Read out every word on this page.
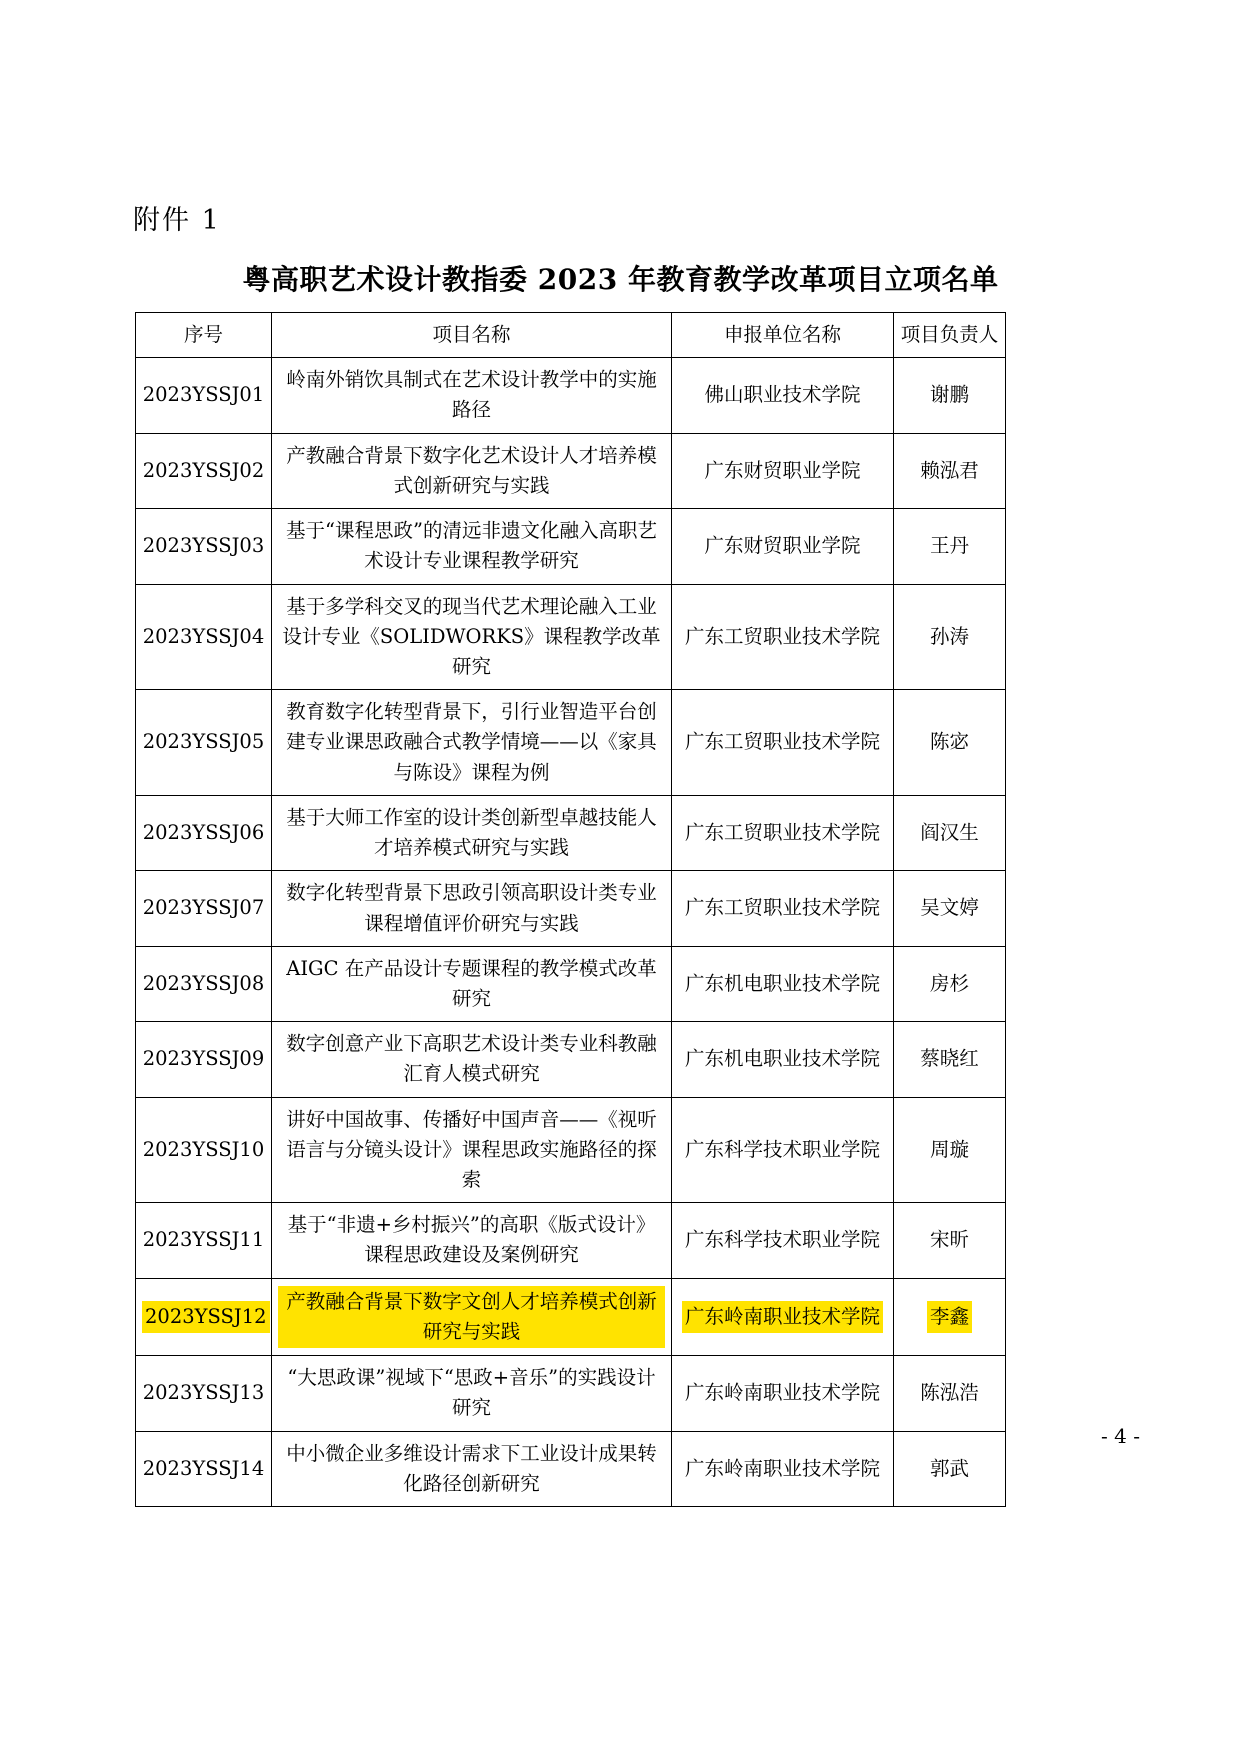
附件 1
粤高职艺术设计教指委 2023 年教育教学改革项目立项名单
序号	项目名称	申报单位名称	项目负责人
2023YSSJ01	岭南外销饮具制式在艺术设计教学中的实施路径	佛山职业技术学院	谢鹏
2023YSSJ02	产教融合背景下数字化艺术设计人才培养模式创新研究与实践	广东财贸职业学院	赖泓君
2023YSSJ03	基于“课程思政”的清远非遗文化融入高职艺术设计专业课程教学研究	广东财贸职业学院	王丹
2023YSSJ04	基于多学科交叉的现当代艺术理论融入工业设计专业《SOLIDWORKS》课程教学改革研究	广东工贸职业技术学院	孙涛
2023YSSJ05	教育数字化转型背景下，引行业智造平台创建专业课思政融合式教学情境——以《家具与陈设》课程为例	广东工贸职业技术学院	陈宓
2023YSSJ06	基于大师工作室的设计类创新型卓越技能人才培养模式研究与实践	广东工贸职业技术学院	阎汉生
2023YSSJ07	数字化转型背景下思政引领高职设计类专业课程增值评价研究与实践	广东工贸职业技术学院	吴文婷
2023YSSJ08	AIGC 在产品设计专题课程的教学模式改革研究	广东机电职业技术学院	房杉
2023YSSJ09	数字创意产业下高职艺术设计类专业科教融汇育人模式研究	广东机电职业技术学院	蔡晓红
2023YSSJ10	讲好中国故事、传播好中国声音——《视听语言与分镜头设计》课程思政实施路径的探索	广东科学技术职业学院	周璇
2023YSSJ11	基于“非遗+乡村振兴”的高职《版式设计》课程思政建设及案例研究	广东科学技术职业学院	宋昕
2023YSSJ12	产教融合背景下数字文创人才培养模式创新研究与实践	广东岭南职业技术学院	李鑫
2023YSSJ13	“大思政课”视域下“思政+音乐”的实践设计研究	广东岭南职业技术学院	陈泓浩
2023YSSJ14	中小微企业多维设计需求下工业设计成果转化路径创新研究	广东岭南职业技术学院	郭武
- 4 -
